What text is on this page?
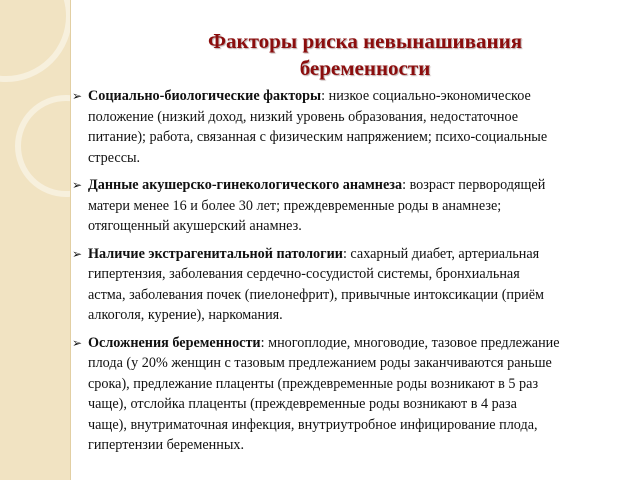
Факторы риска невынашивания
беременности
➢ Социально-биологические факторы: низкое социально-экономическое
положение (низкий доход, низкий уровень образования, недостаточное
питание); работа, связанная с физическим напряжением; психо-социальные
стрессы.
➢ Данные акушерско-гинекологического анамнеза: возраст первородящей
матери менее 16 и более 30 лет; преждевременные роды в анамнезе;
отягощенный акушерский анамнез.
➢ Наличие экстрагенитальной патологии: сахарный диабет, артериальная
гипертензия, заболевания сердечно-сосудистой системы, бронхиальная
астма, заболевания почек (пиелонефрит), привычные интоксикации (приём
алкоголя, курение), наркомания.
➢ Осложнения беременности: многоплодие, многоводие, тазовое предлежание
плода (у 20% женщин с тазовым предлежанием роды заканчиваются раньше
срока), предлежание плаценты (преждевременные роды возникают в 5 раз
чаще), отслойка плаценты (преждевременные роды возникают в 4 раза
чаще), внутриматочная инфекция, внутриутробное инфицирование плода,
гипертензии беременных.
